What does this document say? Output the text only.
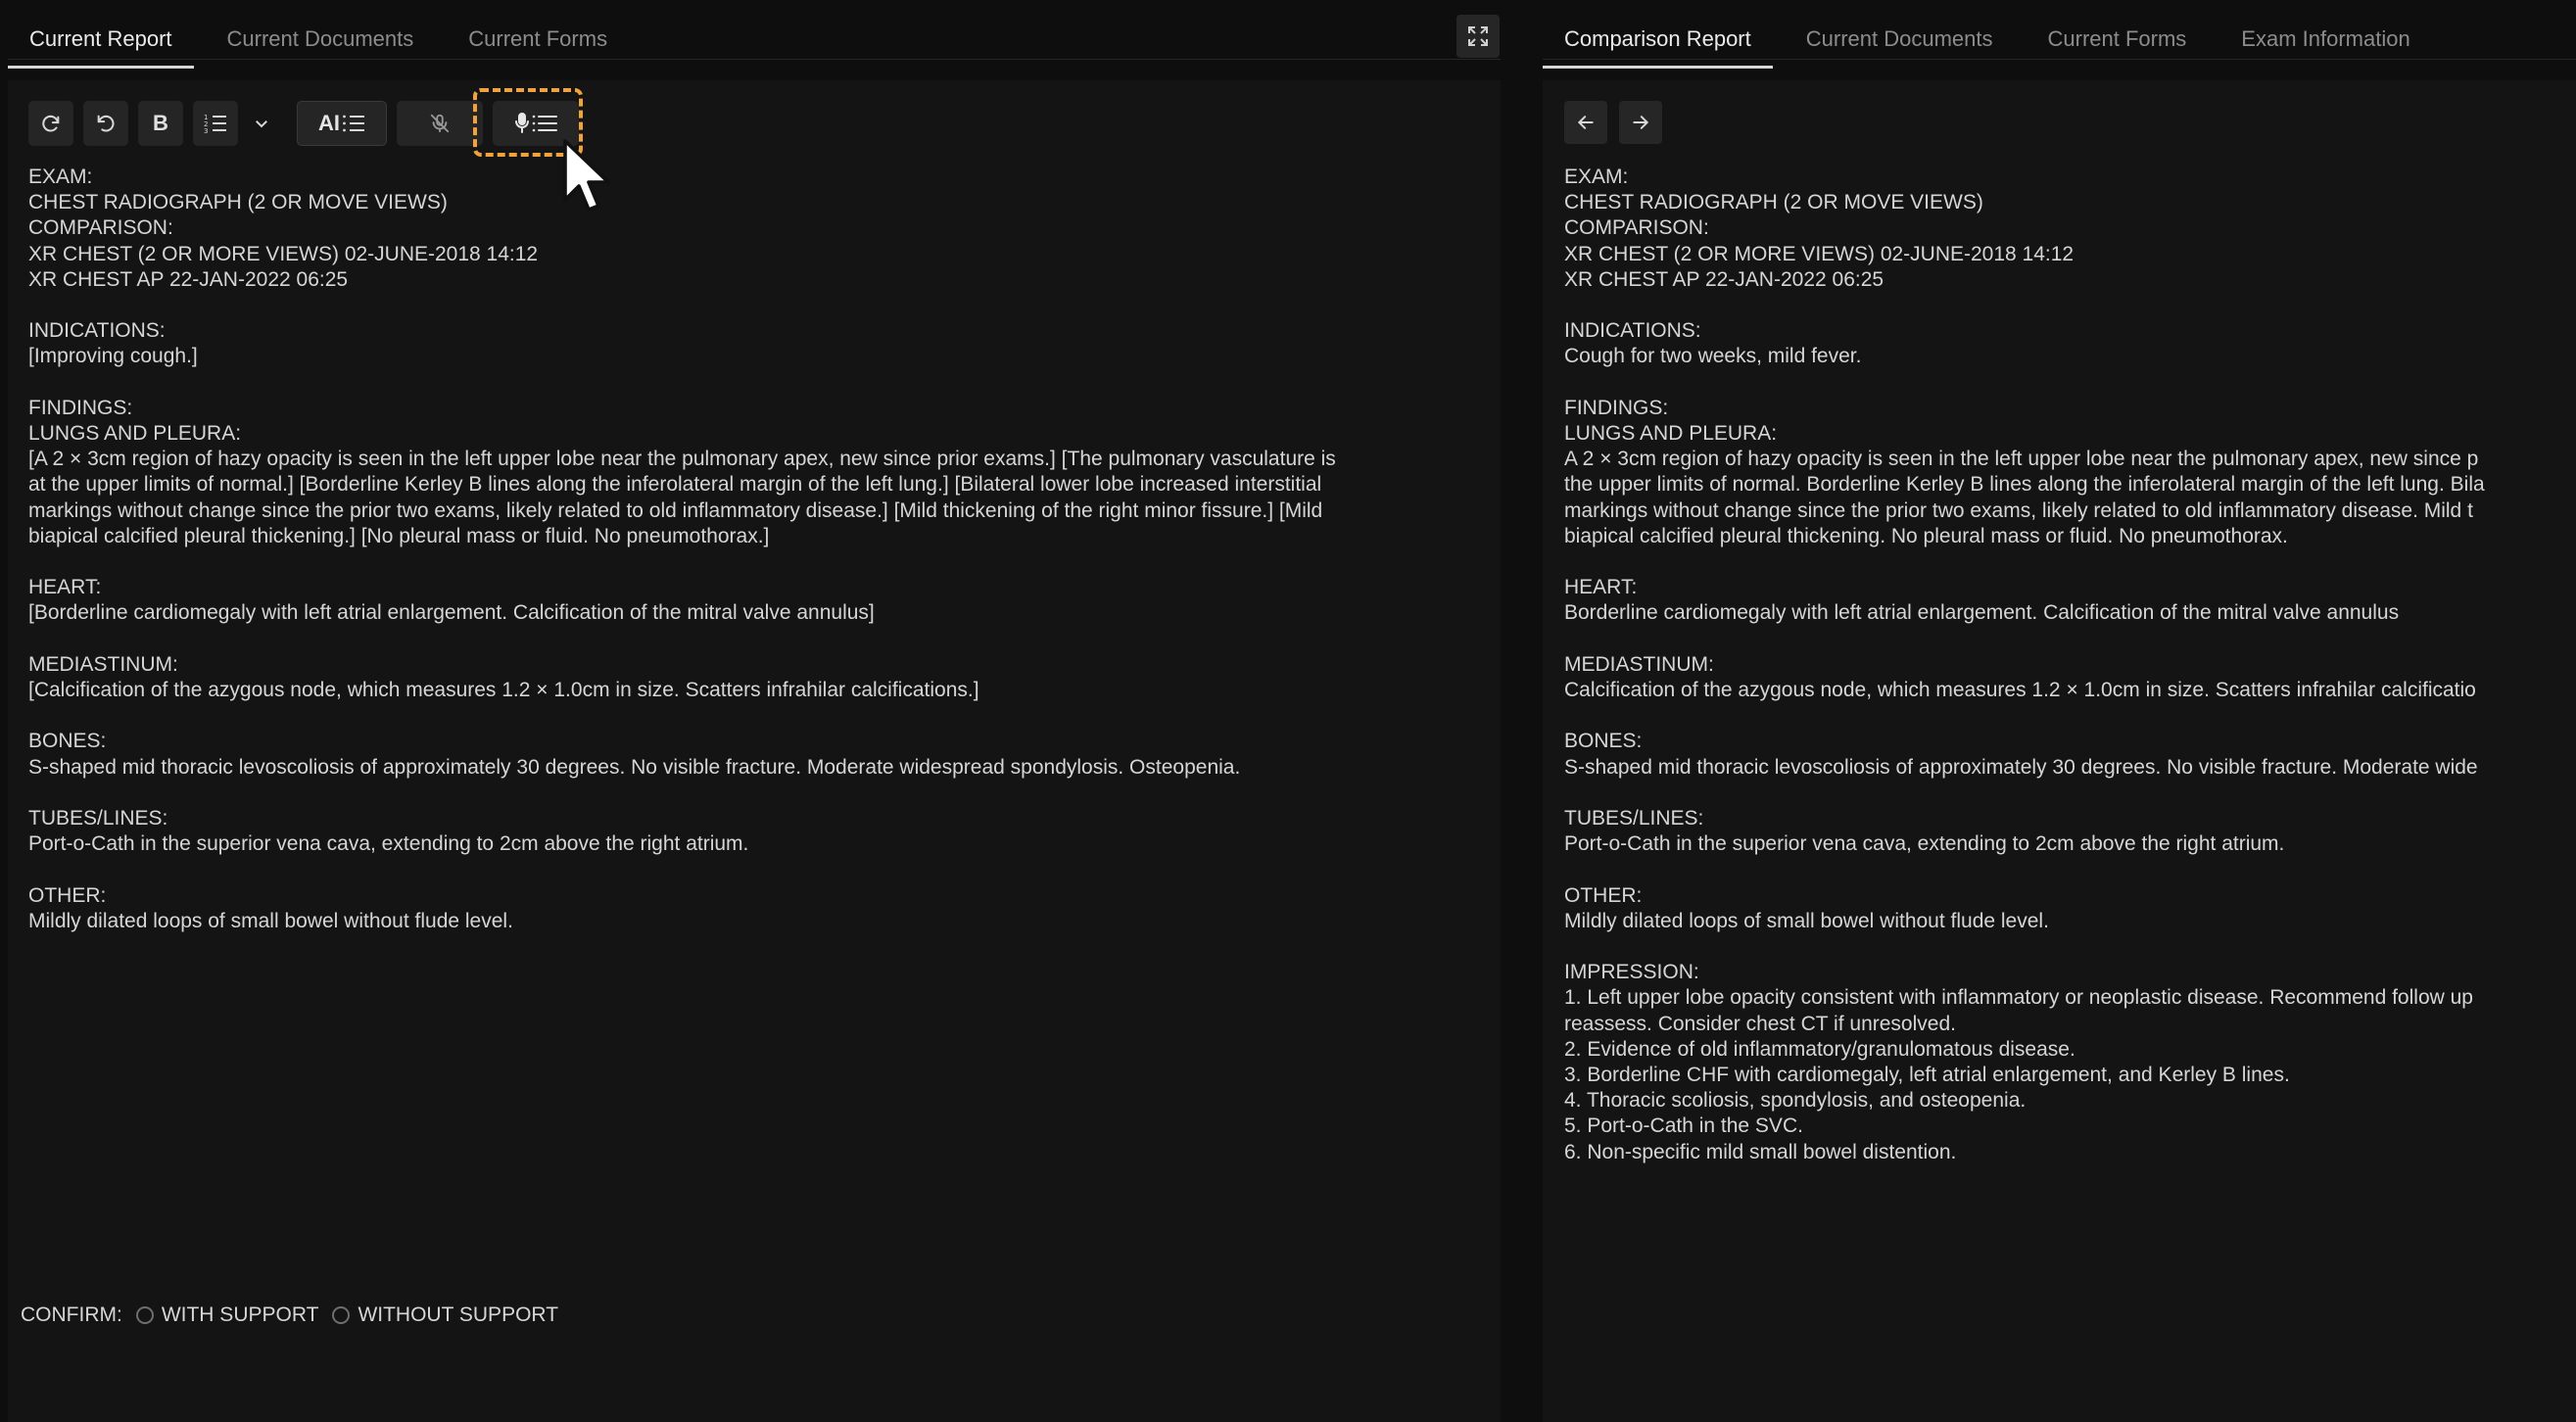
Current Report	Current Documents	Current Forms	Comparison Report	Current Documents	Current Forms	Exam Information
B	1
2
3	AI
EXAM:
CHEST RADIOGRAPH (2 OR MOVE VIEWS)
COMPARISON:
XR CHEST (2 OR MORE VIEWS) 02-JUNE-2018 14:12
XR CHEST AP 22-JAN-2022 06:25
INDICATIONS:
[Improving cough.]
FINDINGS:
LUNGS AND PLEURA:
[A 2 × 3cm region of hazy opacity is seen in the left upper lobe near the pulmonary apex, new since prior exams.] [The pulmonary vasculature is
at the upper limits of normal.] [Borderline Kerley B lines along the inferolateral margin of the left lung.] [Bilateral lower lobe increased interstitial
markings without change since the prior two exams, likely related to old inflammatory disease.] [Mild thickening of the right minor fissure.] [Mild
biapical calcified pleural thickening.] [No pleural mass or fluid. No pneumothorax.]
HEART:
[Borderline cardiomegaly with left atrial enlargement. Calcification of the mitral valve annulus]
MEDIASTINUM:
[Calcification of the azygous node, which measures 1.2 × 1.0cm in size. Scatters infrahilar calcifications.]
BONES:
S-shaped mid thoracic levoscoliosis of approximately 30 degrees. No visible fracture. Moderate widespread spondylosis. Osteopenia.
TUBES/LINES:
Port-o-Cath in the superior vena cava, extending to 2cm above the right atrium.
OTHER:
Mildly dilated loops of small bowel without flude level.
CONFIRM: WITH SUPPORT WITHOUT SUPPORT
EXAM:
CHEST RADIOGRAPH (2 OR MOVE VIEWS)
COMPARISON:
XR CHEST (2 OR MORE VIEWS) 02-JUNE-2018 14:12
XR CHEST AP 22-JAN-2022 06:25
INDICATIONS:
Cough for two weeks, mild fever.
FINDINGS:
LUNGS AND PLEURA:
A 2 × 3cm region of hazy opacity is seen in the left upper lobe near the pulmonary apex, new since p
the upper limits of normal. Borderline Kerley B lines along the inferolateral margin of the left lung. Bila
markings without change since the prior two exams, likely related to old inflammatory disease. Mild t
biapical calcified pleural thickening. No pleural mass or fluid. No pneumothorax.
HEART:
Borderline cardiomegaly with left atrial enlargement. Calcification of the mitral valve annulus
MEDIASTINUM:
Calcification of the azygous node, which measures 1.2 × 1.0cm in size. Scatters infrahilar calcificatio
BONES:
S-shaped mid thoracic levoscoliosis of approximately 30 degrees. No visible fracture. Moderate wide
TUBES/LINES:
Port-o-Cath in the superior vena cava, extending to 2cm above the right atrium.
OTHER:
Mildly dilated loops of small bowel without flude level.
IMPRESSION:
1. Left upper lobe opacity consistent with inflammatory or neoplastic disease. Recommend follow up
reassess. Consider chest CT if unresolved.
2. Evidence of old inflammatory/granulomatous disease.
3. Borderline CHF with cardiomegaly, left atrial enlargement, and Kerley B lines.
4. Thoracic scoliosis, spondylosis, and osteopenia.
5. Port-o-Cath in the SVC.
6. Non-specific mild small bowel distention.
